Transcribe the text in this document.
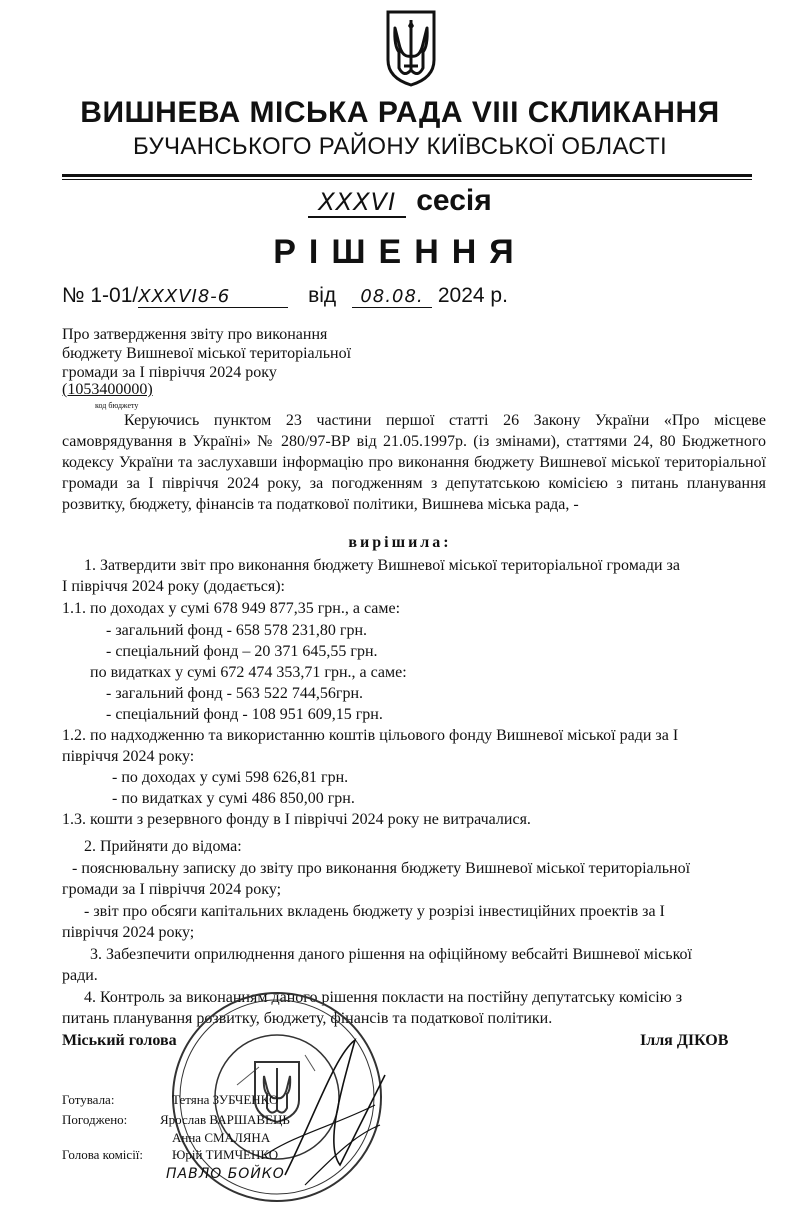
ВИШНЕВА МІСЬКА РАДА VIII СКЛИКАННЯ
БУЧАНСЬКОГО РАЙОНУ КИЇВСЬКОЇ ОБЛАСТІ
XXXVI сесія
РІШЕННЯ
№ 1-01/XXXVI8-6	від 08.08. 2024 р.
Про затвердження звіту про виконання
бюджету Вишневої міської територіальної
громади за І півріччя 2024 року
(1053400000)
код бюджету
Керуючись пунктом 23 частини першої статті 26 Закону України «Про місцеве самоврядування в Україні» № 280/97-ВР від 21.05.1997р. (із змінами), статтями 24, 80 Бюджетного кодексу України та заслухавши інформацію про виконання бюджету Вишневої міської територіальної громади за І півріччя 2024 року, за погодженням з депутатською комісією з питань планування розвитку, бюджету, фінансів та податкової політики, Вишнева міська рада, -
вирішила:
1. Затвердити звіт про виконання бюджету Вишневої міської територіальної громади за
І півріччя 2024 року (додається):
1.1. по доходах у сумі 678 949 877,35 грн., а саме:
- загальний фонд - 658 578 231,80 грн.
- спеціальний фонд – 20 371 645,55 грн.
по видатках у сумі 672 474 353,71 грн., а саме:
- загальний фонд - 563 522 744,56грн.
- спеціальний фонд - 108 951 609,15 грн.
1.2. по надходженню та використанню коштів цільового фонду Вишневої міської ради за І
півріччя 2024 року:
- по доходах у сумі 598 626,81 грн.
- по видатках у сумі 486 850,00 грн.
1.3. кошти з резервного фонду в І півріччі 2024 року не витрачалися.
2. Прийняти до відома:
- пояснювальну записку до звіту про виконання бюджету Вишневої міської територіальної
громади за І півріччя 2024 року;
- звіт про обсяги капітальних вкладень бюджету у розрізі інвестиційних проектів за І
півріччя 2024 року;
3. Забезпечити оприлюднення даного рішення на офіційному вебсайті Вишневої міської
ради.
4. Контроль за виконанням даного рішення покласти на постійну депутатську комісію з
питань планування розвитку, бюджету, фінансів та податкової політики.
Міський голова	Ілля ДІКОВ
Готувала:	Тетяна ЗУБЧЕНКО
Погоджено:	Ярослав ВАРШАВЕЦЬ
Анна СМАЛЯНА
Голова комісії: Юрій ТИМЧЕНКО
ПАВЛО БОЙКО
